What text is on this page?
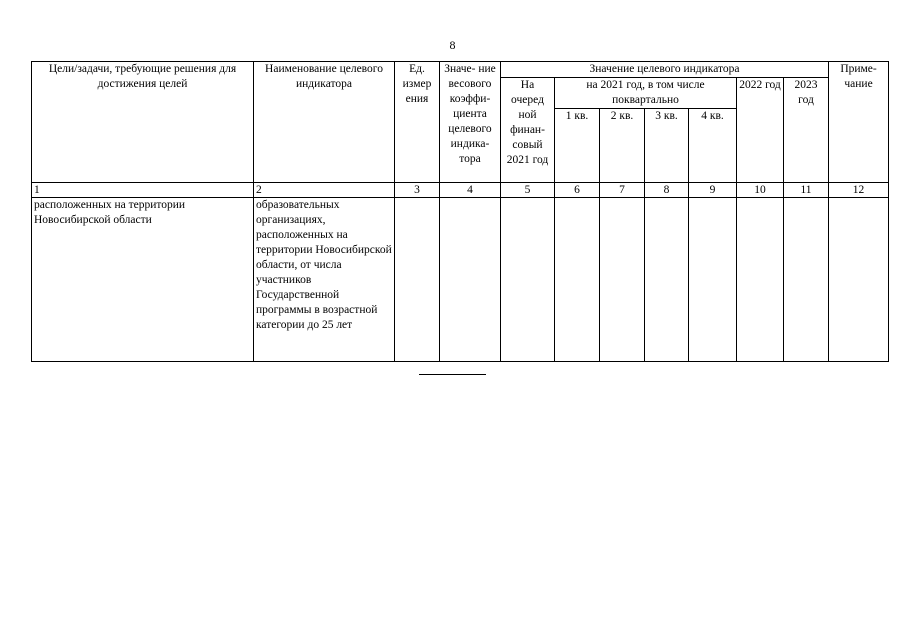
8
Цели/задачи, требующие решения для достижения целей	Наименование целевого индикатора	Ед. измер ения	Значе- ние весового коэффи- циента целевого индика- тора	Значение целевого индикатора							Приме- чание
				На очеред ной финан- совый 2021 год	на 2021 год, в том числе поквартально				2022 год	2023 год	
					1 кв.	2 кв.	3 кв.	4 кв.			
1	2	3	4	5	6	7	8	9	10	11	12
расположенных на территории Новосибирской области	образовательных организациях, расположенных на территории Новосибирской области, от числа участников Государственной программы в возрастной категории до 25 лет										
